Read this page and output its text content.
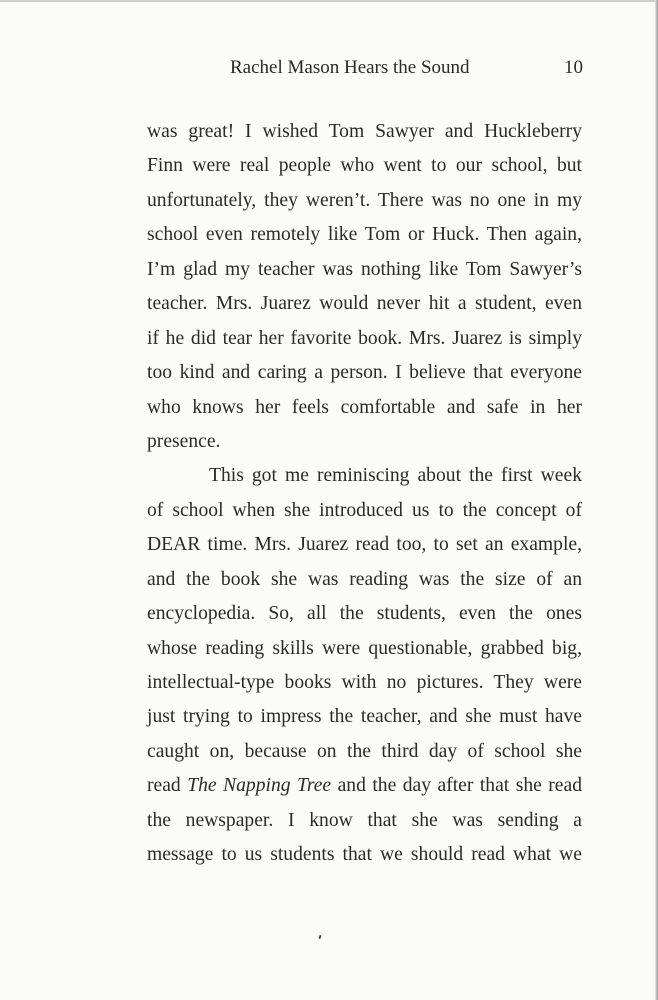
Rachel Mason Hears the Sound	10
was great! I wished Tom Sawyer and Huckleberry
Finn were real people who went to our school, but
unfortunately, they weren’t. There was no one in my
school even remotely like Tom or Huck. Then again,
I’m glad my teacher was nothing like Tom Sawyer’s
teacher. Mrs. Juarez would never hit a student, even
if he did tear her favorite book. Mrs. Juarez is simply
too kind and caring a person. I believe that everyone
who knows her feels comfortable and safe in her
presence.
This got me reminiscing about the first week
of school when she introduced us to the concept of
DEAR time. Mrs. Juarez read too, to set an example,
and the book she was reading was the size of an
encyclopedia. So, all the students, even the ones
whose reading skills were questionable, grabbed big,
intellectual-type books with no pictures. They were
just trying to impress the teacher, and she must have
caught on, because on the third day of school she
read The Napping Tree and the day after that she read
the newspaper. I know that she was sending a
message to us students that we should read what we
